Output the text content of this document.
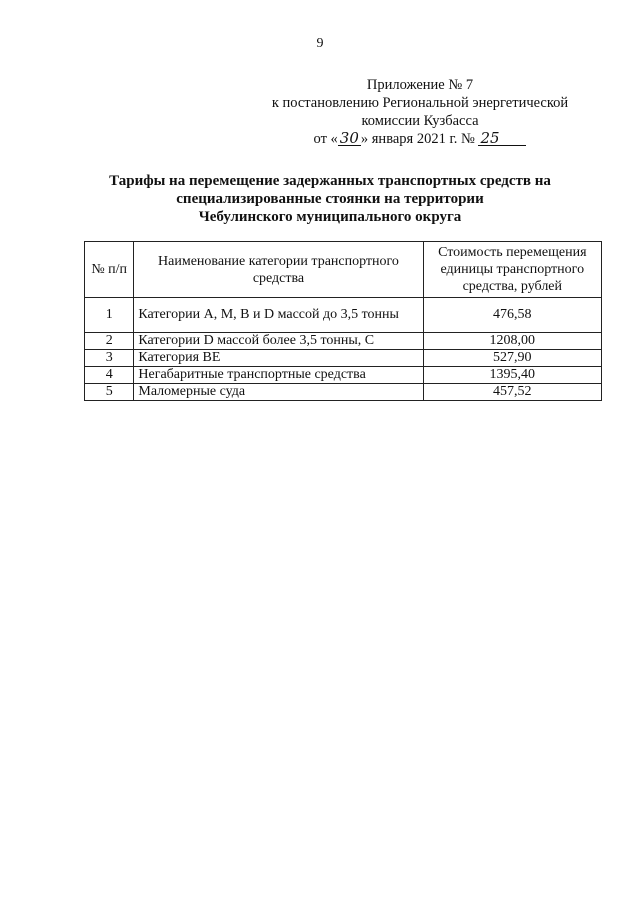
9
Приложение № 7
к постановлению Региональной энергетической
комиссии Кузбасса
от « 30 » января 2021 г. № 25
Тарифы на перемещение задержанных транспортных средств на
специализированные стоянки на территории
Чебулинского муниципального округа
№ п/п	Наименование категории транспортного средства	Стоимость перемещения единицы транспортного средства, рублей
1	Категории A, M, B и D массой до 3,5 тонны	476,58
2	Категории D массой более 3,5 тонны, C	1208,00
3	Категория BE	527,90
4	Негабаритные транспортные средства	1395,40
5	Маломерные суда	457,52
